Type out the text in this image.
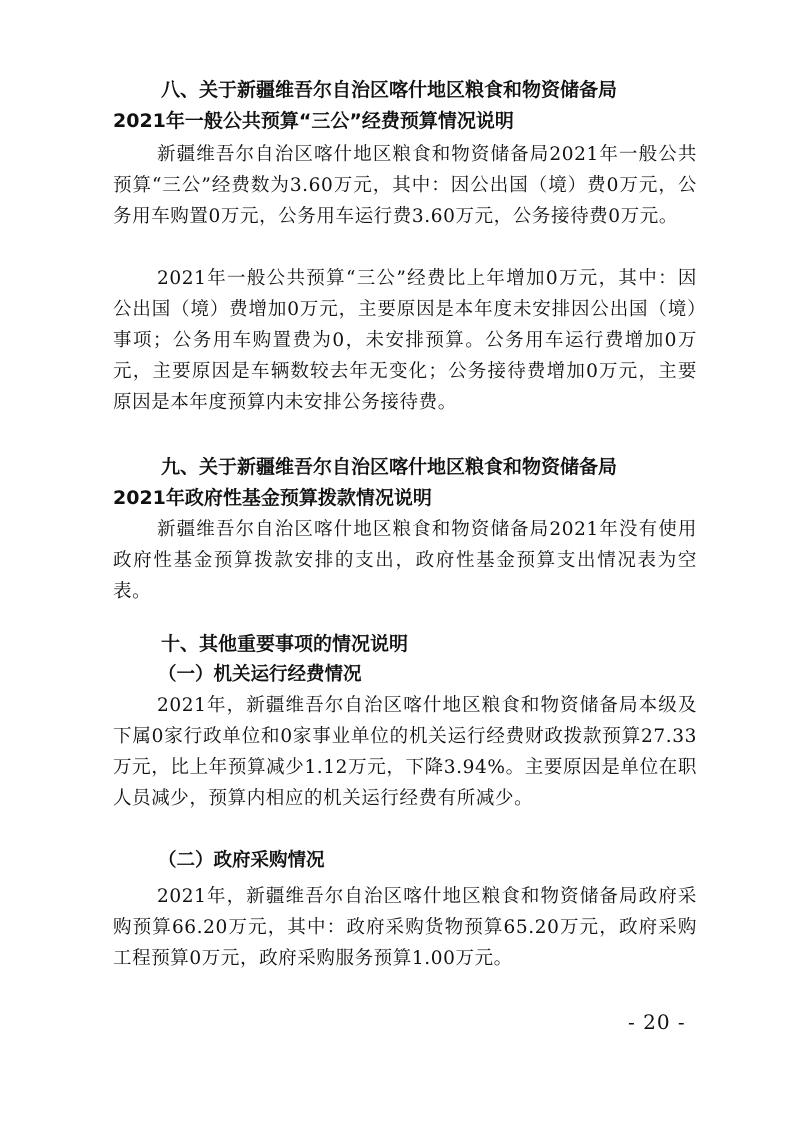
八、关于新疆维吾尔自治区喀什地区粮食和物资储备局
2021年一般公共预算“三公”经费预算情况说明

新疆维吾尔自治区喀什地区粮食和物资储备局2021年一般公共预算“三公”经费数为3.60万元，其中：因公出国（境）费0万元，公务用车购置0万元，公务用车运行费3.60万元，公务接待费0万元。

2021年一般公共预算“三公”经费比上年增加0万元，其中：因公出国（境）费增加0万元，主要原因是本年度未安排因公出国（境）事项；公务用车购置费为0，未安排预算。公务用车运行费增加0万元，主要原因是车辆数较去年无变化；公务接待费增加0万元，主要原因是本年度预算内未安排公务接待费。

九、关于新疆维吾尔自治区喀什地区粮食和物资储备局
2021年政府性基金预算拨款情况说明

新疆维吾尔自治区喀什地区粮食和物资储备局2021年没有使用政府性基金预算拨款安排的支出，政府性基金预算支出情况表为空表。

十、其他重要事项的情况说明
（一）机关运行经费情况

2021年，新疆维吾尔自治区喀什地区粮食和物资储备局本级及下属0家行政单位和0家事业单位的机关运行经费财政拨款预算27.33万元，比上年预算减少1.12万元，下降3.94%。主要原因是单位在职人员减少，预算内相应的机关运行经费有所减少。

（二）政府采购情况

2021年，新疆维吾尔自治区喀什地区粮食和物资储备局政府采购预算66.20万元，其中：政府采购货物预算65.20万元，政府采购工程预算0万元，政府采购服务预算1.00万元。

- 20 -
